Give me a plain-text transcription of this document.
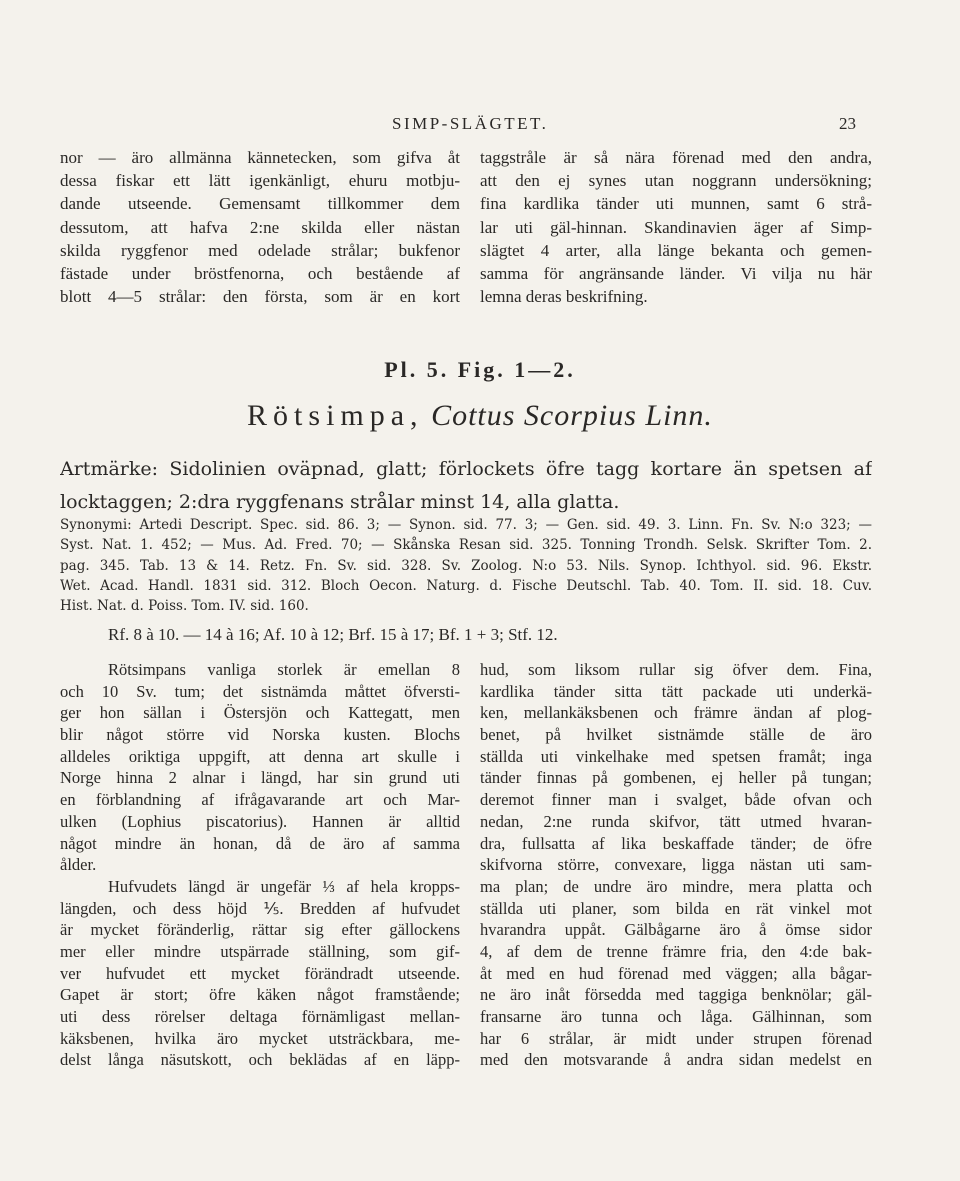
SIMP-SLÄGTET.	23
nor — äro allmänna kännetecken, som gifva åt
dessa fiskar ett lätt igenkänligt, ehuru motbju-
dande utseende. Gemensamt tillkommer dem
dessutom, att hafva 2:ne skilda eller nästan
skilda ryggfenor med odelade strålar; bukfenor
fästade under bröstfenorna, och bestående af
blott 4—5 strålar: den första, som är en kort
taggstråle är så nära förenad med den andra,
att den ej synes utan noggrann undersökning;
fina kardlika tänder uti munnen, samt 6 strå-
lar uti gäl-hinnan. Skandinavien äger af Simp-
slägtet 4 arter, alla länge bekanta och gemen-
samma för angränsande länder. Vi vilja nu här
lemna deras beskrifning.
Pl. 5. Fig. 1—2.
Rötsimpa, Cottus Scorpius Linn.
Artmärke: Sidolinien oväpnad, glatt; förlockets öfre tagg kortare än spetsen af
locktaggen; 2:dra ryggfenans strålar minst 14, alla glatta.
Synonymi: Artedi Descript. Spec. sid. 86. 3; — Synon. sid. 77. 3; — Gen. sid. 49. 3. Linn. Fn. Sv. N:o 323; —
Syst. Nat. 1. 452; — Mus. Ad. Fred. 70; — Skånska Resan sid. 325. Tonning Trondh. Selsk. Skrifter Tom. 2.
pag. 345. Tab. 13 & 14. Retz. Fn. Sv. sid. 328. Sv. Zoolog. N:o 53. Nils. Synop. Ichthyol. sid. 96. Ekstr.
Wet. Acad. Handl. 1831 sid. 312. Bloch Oecon. Naturg. d. Fische Deutschl. Tab. 40. Tom. II. sid. 18. Cuv.
Hist. Nat. d. Poiss. Tom. IV. sid. 160.
Rf. 8 à 10. — 14 à 16; Af. 10 à 12; Brf. 15 à 17; Bf. 1 + 3; Stf. 12.
Rötsimpans vanliga storlek är emellan 8
och 10 Sv. tum; det sistnämda måttet öfversti-
ger hon sällan i Östersjön och Kattegatt, men
blir något större vid Norska kusten. Blochs
alldeles oriktiga uppgift, att denna art skulle i
Norge hinna 2 alnar i längd, har sin grund uti
en förblandning af ifrågavarande art och Mar-
ulken (Lophius piscatorius). Hannen är alltid
något mindre än honan, då de äro af samma
ålder.
Hufvudets längd är ungefär ⅓ af hela kropps-
längden, och dess höjd ⅕. Bredden af hufvudet
är mycket föränderlig, rättar sig efter gällockens
mer eller mindre utspärrade ställning, som gif-
ver hufvudet ett mycket förändradt utseende.
Gapet är stort; öfre käken något framstående;
uti dess rörelser deltaga förnämligast mellan-
käksbenen, hvilka äro mycket utsträckbara, me-
delst långa näsutskott, och beklädas af en läpp-
hud, som liksom rullar sig öfver dem. Fina,
kardlika tänder sitta tätt packade uti underkä-
ken, mellankäksbenen och främre ändan af plog-
benet, på hvilket sistnämde ställe de äro
ställda uti vinkelhake med spetsen framåt; inga
tänder finnas på gombenen, ej heller på tungan;
deremot finner man i svalget, både ofvan och
nedan, 2:ne runda skifvor, tätt utmed hvaran-
dra, fullsatta af lika beskaffade tänder; de öfre
skifvorna större, convexare, ligga nästan uti sam-
ma plan; de undre äro mindre, mera platta och
ställda uti planer, som bilda en rät vinkel mot
hvarandra uppåt. Gälbågarne äro å ömse sidor
4, af dem de trenne främre fria, den 4:de bak-
åt med en hud förenad med väggen; alla bågar-
ne äro inåt försedda med taggiga benknölar; gäl-
fransarne äro tunna och låga. Gälhinnan, som
har 6 strålar, är midt under strupen förenad
med den motsvarande å andra sidan medelst en
